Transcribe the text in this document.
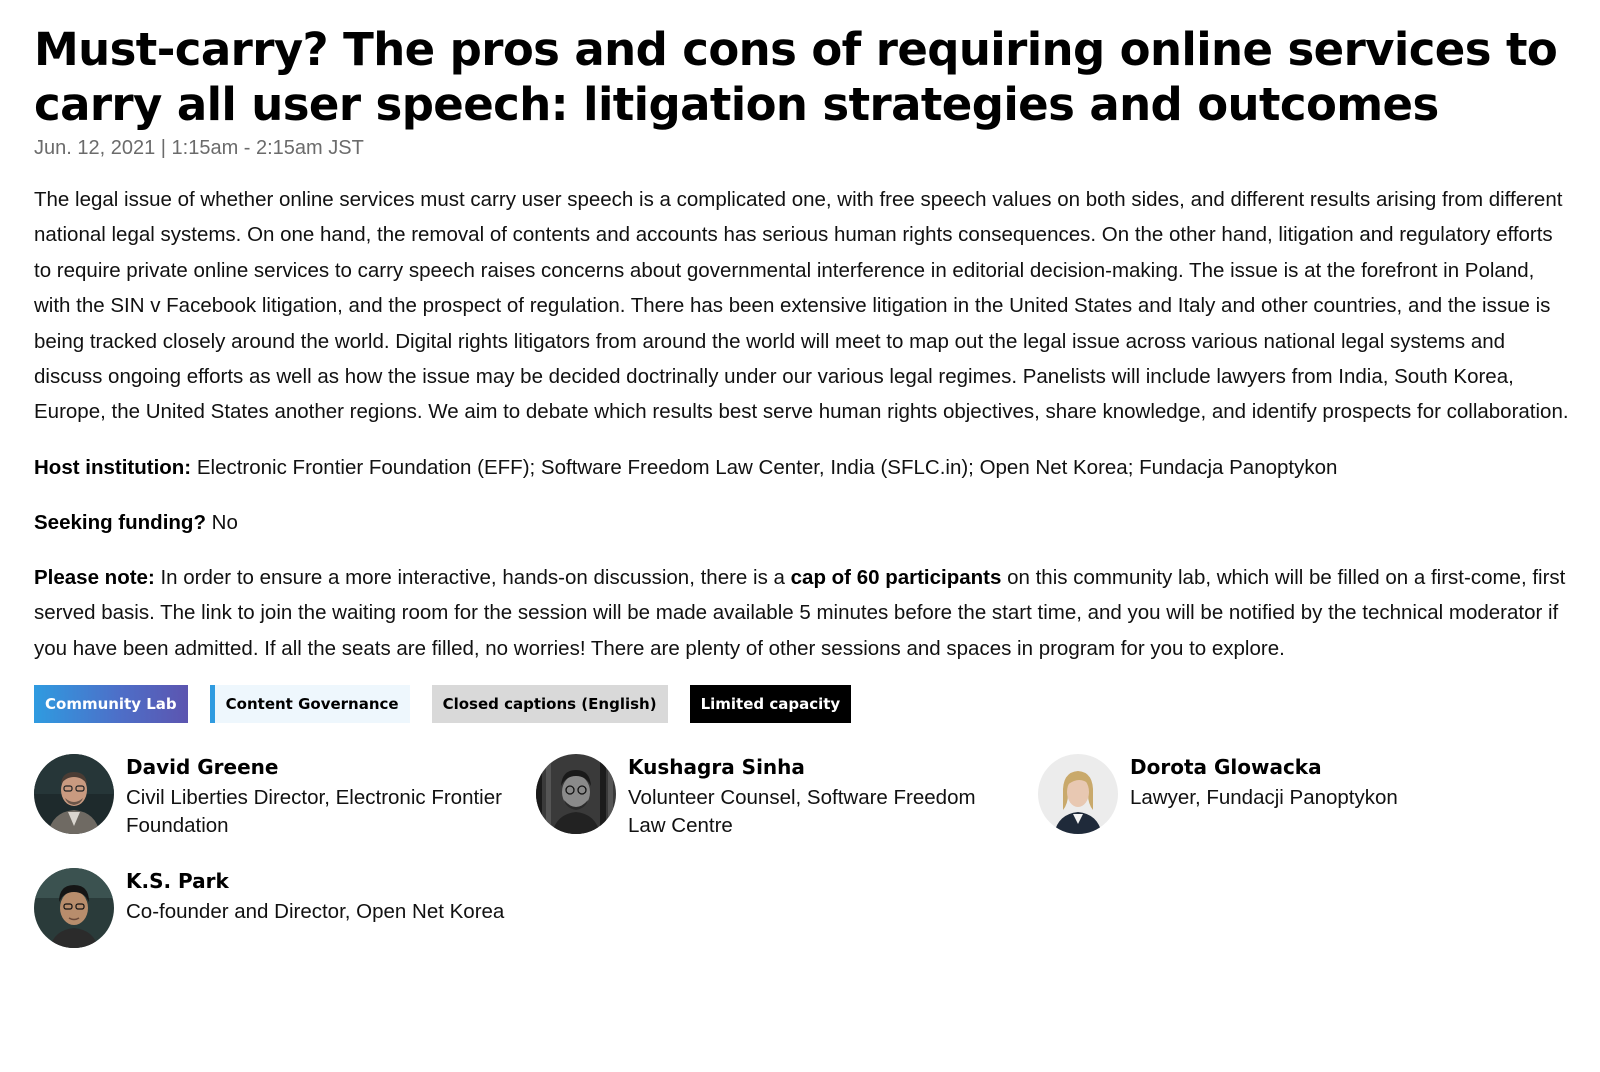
Must-carry? The pros and cons of requiring online services to carry all user speech: litigation strategies and outcomes
Jun. 12, 2021 | 1:15am - 2:15am JST
The legal issue of whether online services must carry user speech is a complicated one, with free speech values on both sides, and different results arising from different national legal systems. On one hand, the removal of contents and accounts has serious human rights consequences. On the other hand, litigation and regulatory efforts to require private online services to carry speech raises concerns about governmental interference in editorial decision-making. The issue is at the forefront in Poland, with the SIN v Facebook litigation, and the prospect of regulation. There has been extensive litigation in the United States and Italy and other countries, and the issue is being tracked closely around the world. Digital rights litigators from around the world will meet to map out the legal issue across various national legal systems and discuss ongoing efforts as well as how the issue may be decided doctrinally under our various legal regimes. Panelists will include lawyers from India, South Korea, Europe, the United States another regions. We aim to debate which results best serve human rights objectives, share knowledge, and identify prospects for collaboration.
Host institution: Electronic Frontier Foundation (EFF); Software Freedom Law Center, India (SFLC.in); Open Net Korea; Fundacja Panoptykon
Seeking funding? No
Please note: In order to ensure a more interactive, hands-on discussion, there is a cap of 60 participants on this community lab, which will be filled on a first-come, first served basis. The link to join the waiting room for the session will be made available 5 minutes before the start time, and you will be notified by the technical moderator if you have been admitted. If all the seats are filled, no worries! There are plenty of other sessions and spaces in program for you to explore.
Community Lab	Content Governance	Closed captions (English)	Limited capacity
David Greene
Civil Liberties Director, Electronic Frontier Foundation
Kushagra Sinha
Volunteer Counsel, Software Freedom Law Centre
Dorota Glowacka
Lawyer, Fundacji Panoptykon
K.S. Park
Co-founder and Director, Open Net Korea
